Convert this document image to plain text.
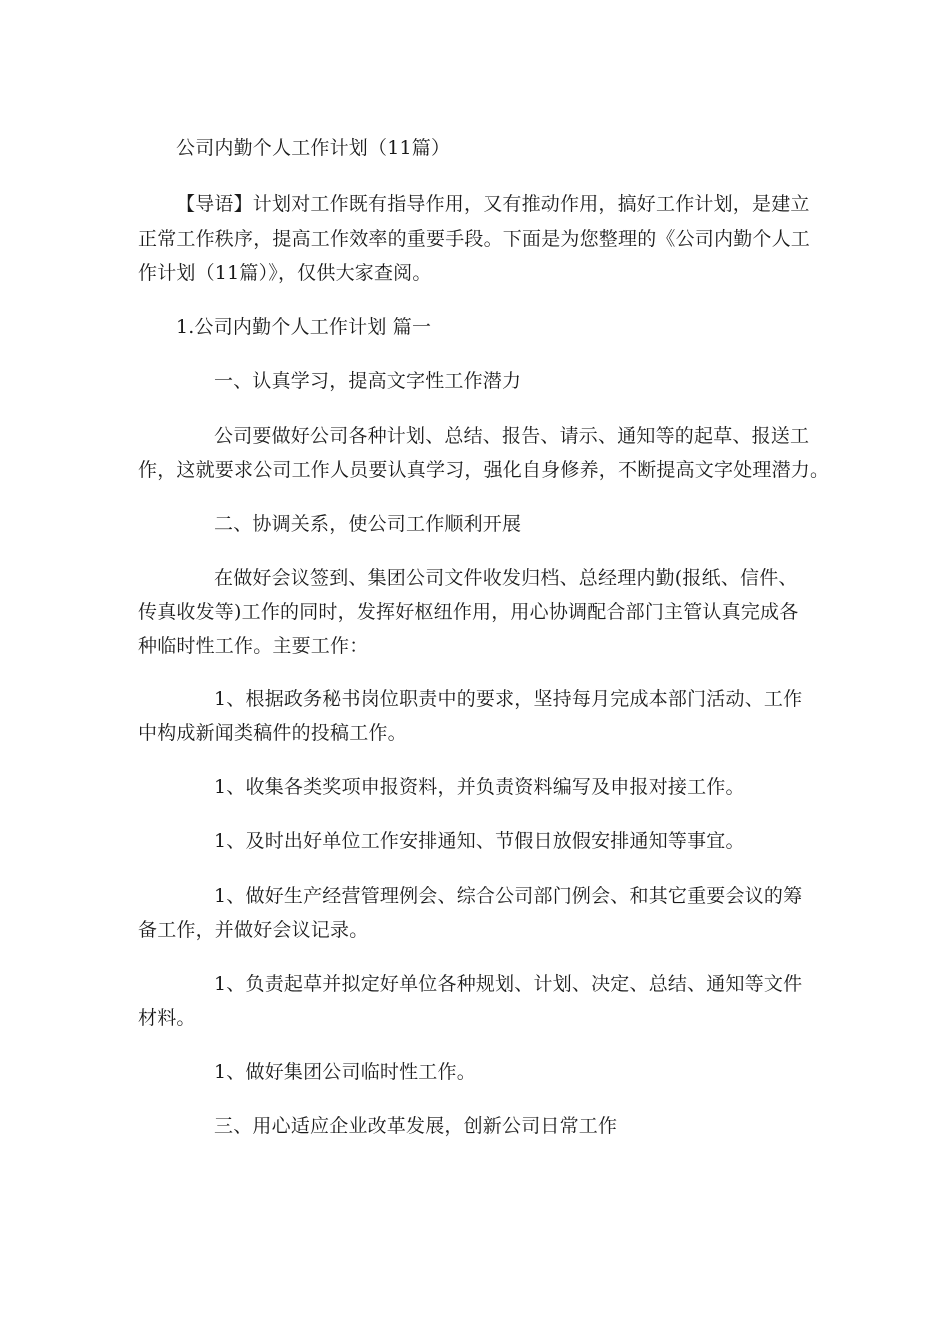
公司内勤个人工作计划（11篇）
【导语】计划对工作既有指导作用，又有推动作用，搞好工作计划，是建立
正常工作秩序，提高工作效率的重要手段。下面是为您整理的《公司内勤个人工
作计划（11篇）》，仅供大家查阅。
1.公司内勤个人工作计划 篇一
一、认真学习，提高文字性工作潜力
公司要做好公司各种计划、总结、报告、请示、通知等的起草、报送工
作，这就要求公司工作人员要认真学习，强化自身修养，不断提高文字处理潜力。
二、协调关系，使公司工作顺利开展
在做好会议签到、集团公司文件收发归档、总经理内勤(报纸、信件、
传真收发等)工作的同时，发挥好枢纽作用，用心协调配合部门主管认真完成各
种临时性工作。主要工作：
1、根据政务秘书岗位职责中的要求，坚持每月完成本部门活动、工作
中构成新闻类稿件的投稿工作。
1、收集各类奖项申报资料，并负责资料编写及申报对接工作。
1、及时出好单位工作安排通知、节假日放假安排通知等事宜。
1、做好生产经营管理例会、综合公司部门例会、和其它重要会议的筹
备工作，并做好会议记录。
1、负责起草并拟定好单位各种规划、计划、决定、总结、通知等文件
材料。
1、做好集团公司临时性工作。
三、用心适应企业改革发展，创新公司日常工作
